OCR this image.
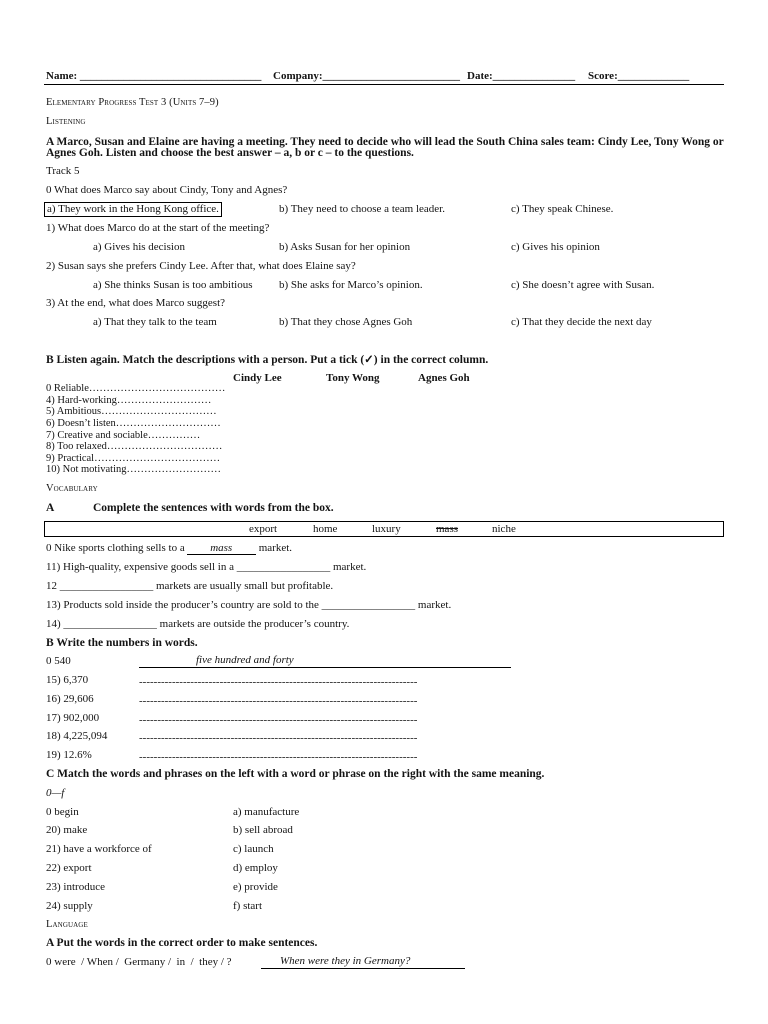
Name: _________________________________ Company:_________________________ Date:_______________ Score:_____________
Elementary Progress Test 3 (Units 7–9)
Listening
A Marco, Susan and Elaine are having a meeting. They need to decide who will lead the South China sales team: Cindy Lee, Tony Wong or Agnes Goh. Listen and choose the best answer – a, b or c – to the questions.
Track 5
0 What does Marco say about Cindy, Tony and Agnes?
a) They work in the Hong Kong office.	b) They need to choose a team leader.	c) They speak Chinese.
1) What does Marco do at the start of the meeting?
a) Gives his decision	b) Asks Susan for her opinion	c) Gives his opinion
2) Susan says she prefers Cindy Lee. After that, what does Elaine say?
a) She thinks Susan is too ambitious b) She asks for Marco’s opinion.	c) She doesn’t agree with Susan.
3) At the end, what does Marco suggest?
a) That they talk to the team	b) That they chose Agnes Goh	c) That they decide the next day
B Listen again. Match the descriptions with a person. Put a tick (✓) in the correct column.
Cindy Lee	Tony Wong	Agnes Goh
0 Reliable…………………………………
4) Hard-working………………………
5) Ambitious……………………………
6) Doesn’t listen…………………………
7) Creative and sociable……………
8) Too relaxed……………………………
9) Practical………………………………
10) Not motivating………………………
Vocabulary
A	Complete the sentences with words from the box.
export	home	luxury	mass	niche
0 Nike sports clothing sells to a mass market.
11) High-quality, expensive goods sell in a _________________ market.
12 _________________ markets are usually small but profitable.
13) Products sold inside the producer’s country are sold to the _________________ market.
14) _________________ markets are outside the producer’s country.
B Write the numbers in words.
0 540	five hundred and forty
15) 6,370	----------------------------------------------------------------------------
16) 29,606	----------------------------------------------------------------------------
17) 902,000	----------------------------------------------------------------------------
18) 4,225,094	----------------------------------------------------------------------------
19) 12.6%	----------------------------------------------------------------------------
C Match the words and phrases on the left with a word or phrase on the right with the same meaning.
0—f
0 begin	a) manufacture
20) make	b) sell abroad
21) have a workforce of	c) launch
22) export	d) employ
23) introduce	e) provide
24) supply	f) start
Language
A Put the words in the correct order to make sentences.
0 were  / When /  Germany /  in  /  they / ?	When were they in Germany?
